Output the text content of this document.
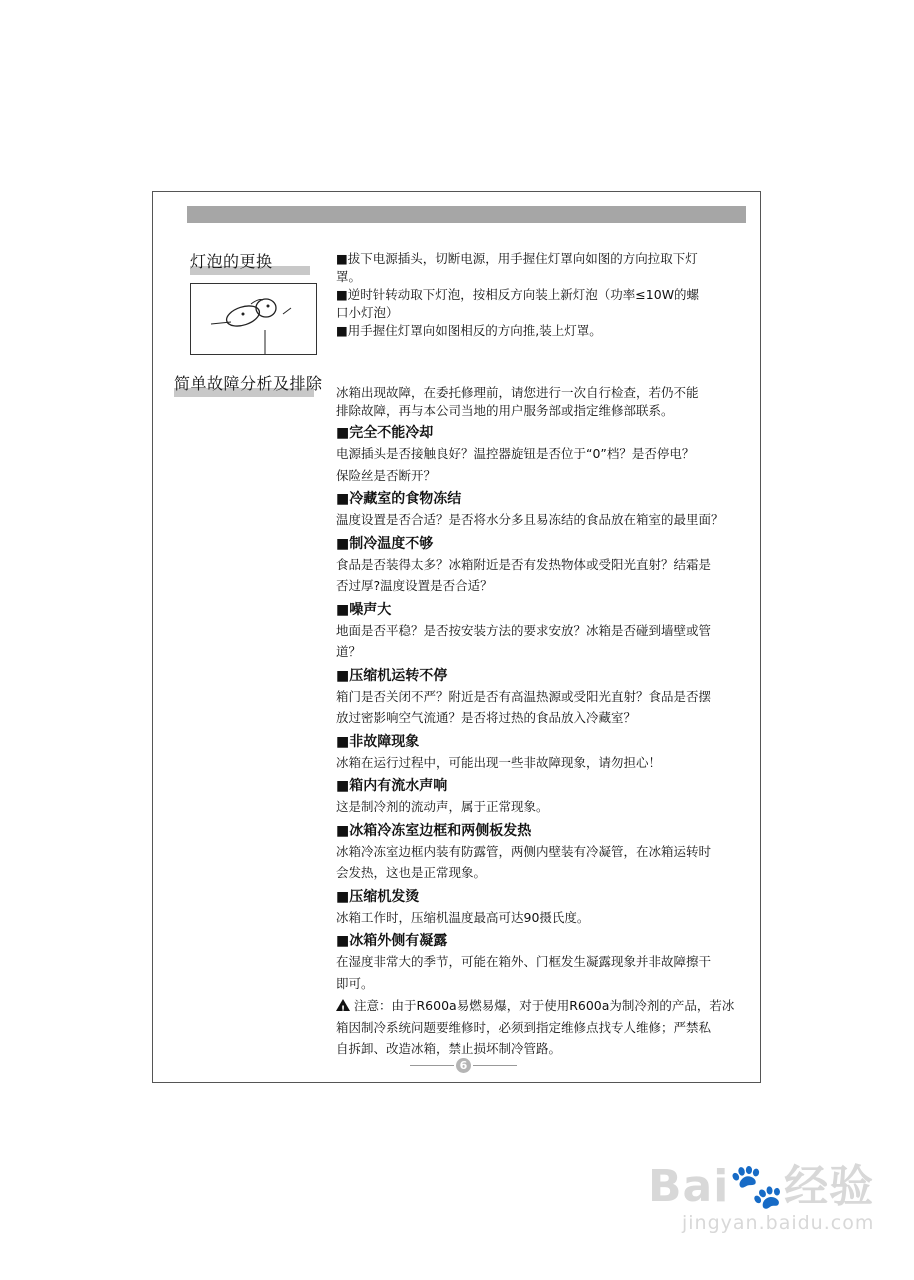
灯泡的更换	■拔下电源插头，切断电源，用手握住灯罩向如图的方向拉取下灯

罩。

■逆时针转动取下灯泡，按相反方向装上新灯泡（功率≤10W的螺

口小灯泡）

■用手握住灯罩向如图相反的方向推,装上灯罩。

简单故障分析及排除 冰箱出现故障，在委托修理前，请您进行一次自行检查，若仍不能

排除故障，再与本公司当地的用户服务部或指定维修部联系。

■完全不能冷却
电源插头是否接触良好？温控器旋钮是否位于“0”档？是否停电？
保险丝是否断开？
■冷藏室的食物冻结
温度设置是否合适？是否将水分多且易冻结的食品放在箱室的最里面？
■制冷温度不够
食品是否装得太多？冰箱附近是否有发热物体或受阳光直射？结霜是
否过厚?温度设置是否合适？
■噪声大
地面是否平稳？是否按安装方法的要求安放？冰箱是否碰到墙壁或管
道？
■压缩机运转不停
箱门是否关闭不严？附近是否有高温热源或受阳光直射？食品是否摆
放过密影响空气流通？是否将过热的食品放入冷藏室？
■非故障现象
冰箱在运行过程中，可能出现一些非故障现象，请勿担心！
■箱内有流水声响
这是制冷剂的流动声，属于正常现象。
■冰箱冷冻室边框和两侧板发热
冰箱冷冻室边框内装有防露管，两侧内壁装有冷凝管，在冰箱运转时
会发热，这也是正常现象。
■压缩机发烫
冰箱工作时，压缩机温度最高可达90摄氏度。
■冰箱外侧有凝露
在湿度非常大的季节，可能在箱外、门框发生凝露现象并非故障擦干
即可。
!注意：由于R600a易燃易爆，对于使用R600a为制冷剂的产品，若冰
箱因制冷系统问题要维修时，必须到指定维修点找专人维修；严禁私
自拆卸、改造冰箱，禁止损坏制冷管路。
6
Bai🐾经验
jingyan.baidu.com
